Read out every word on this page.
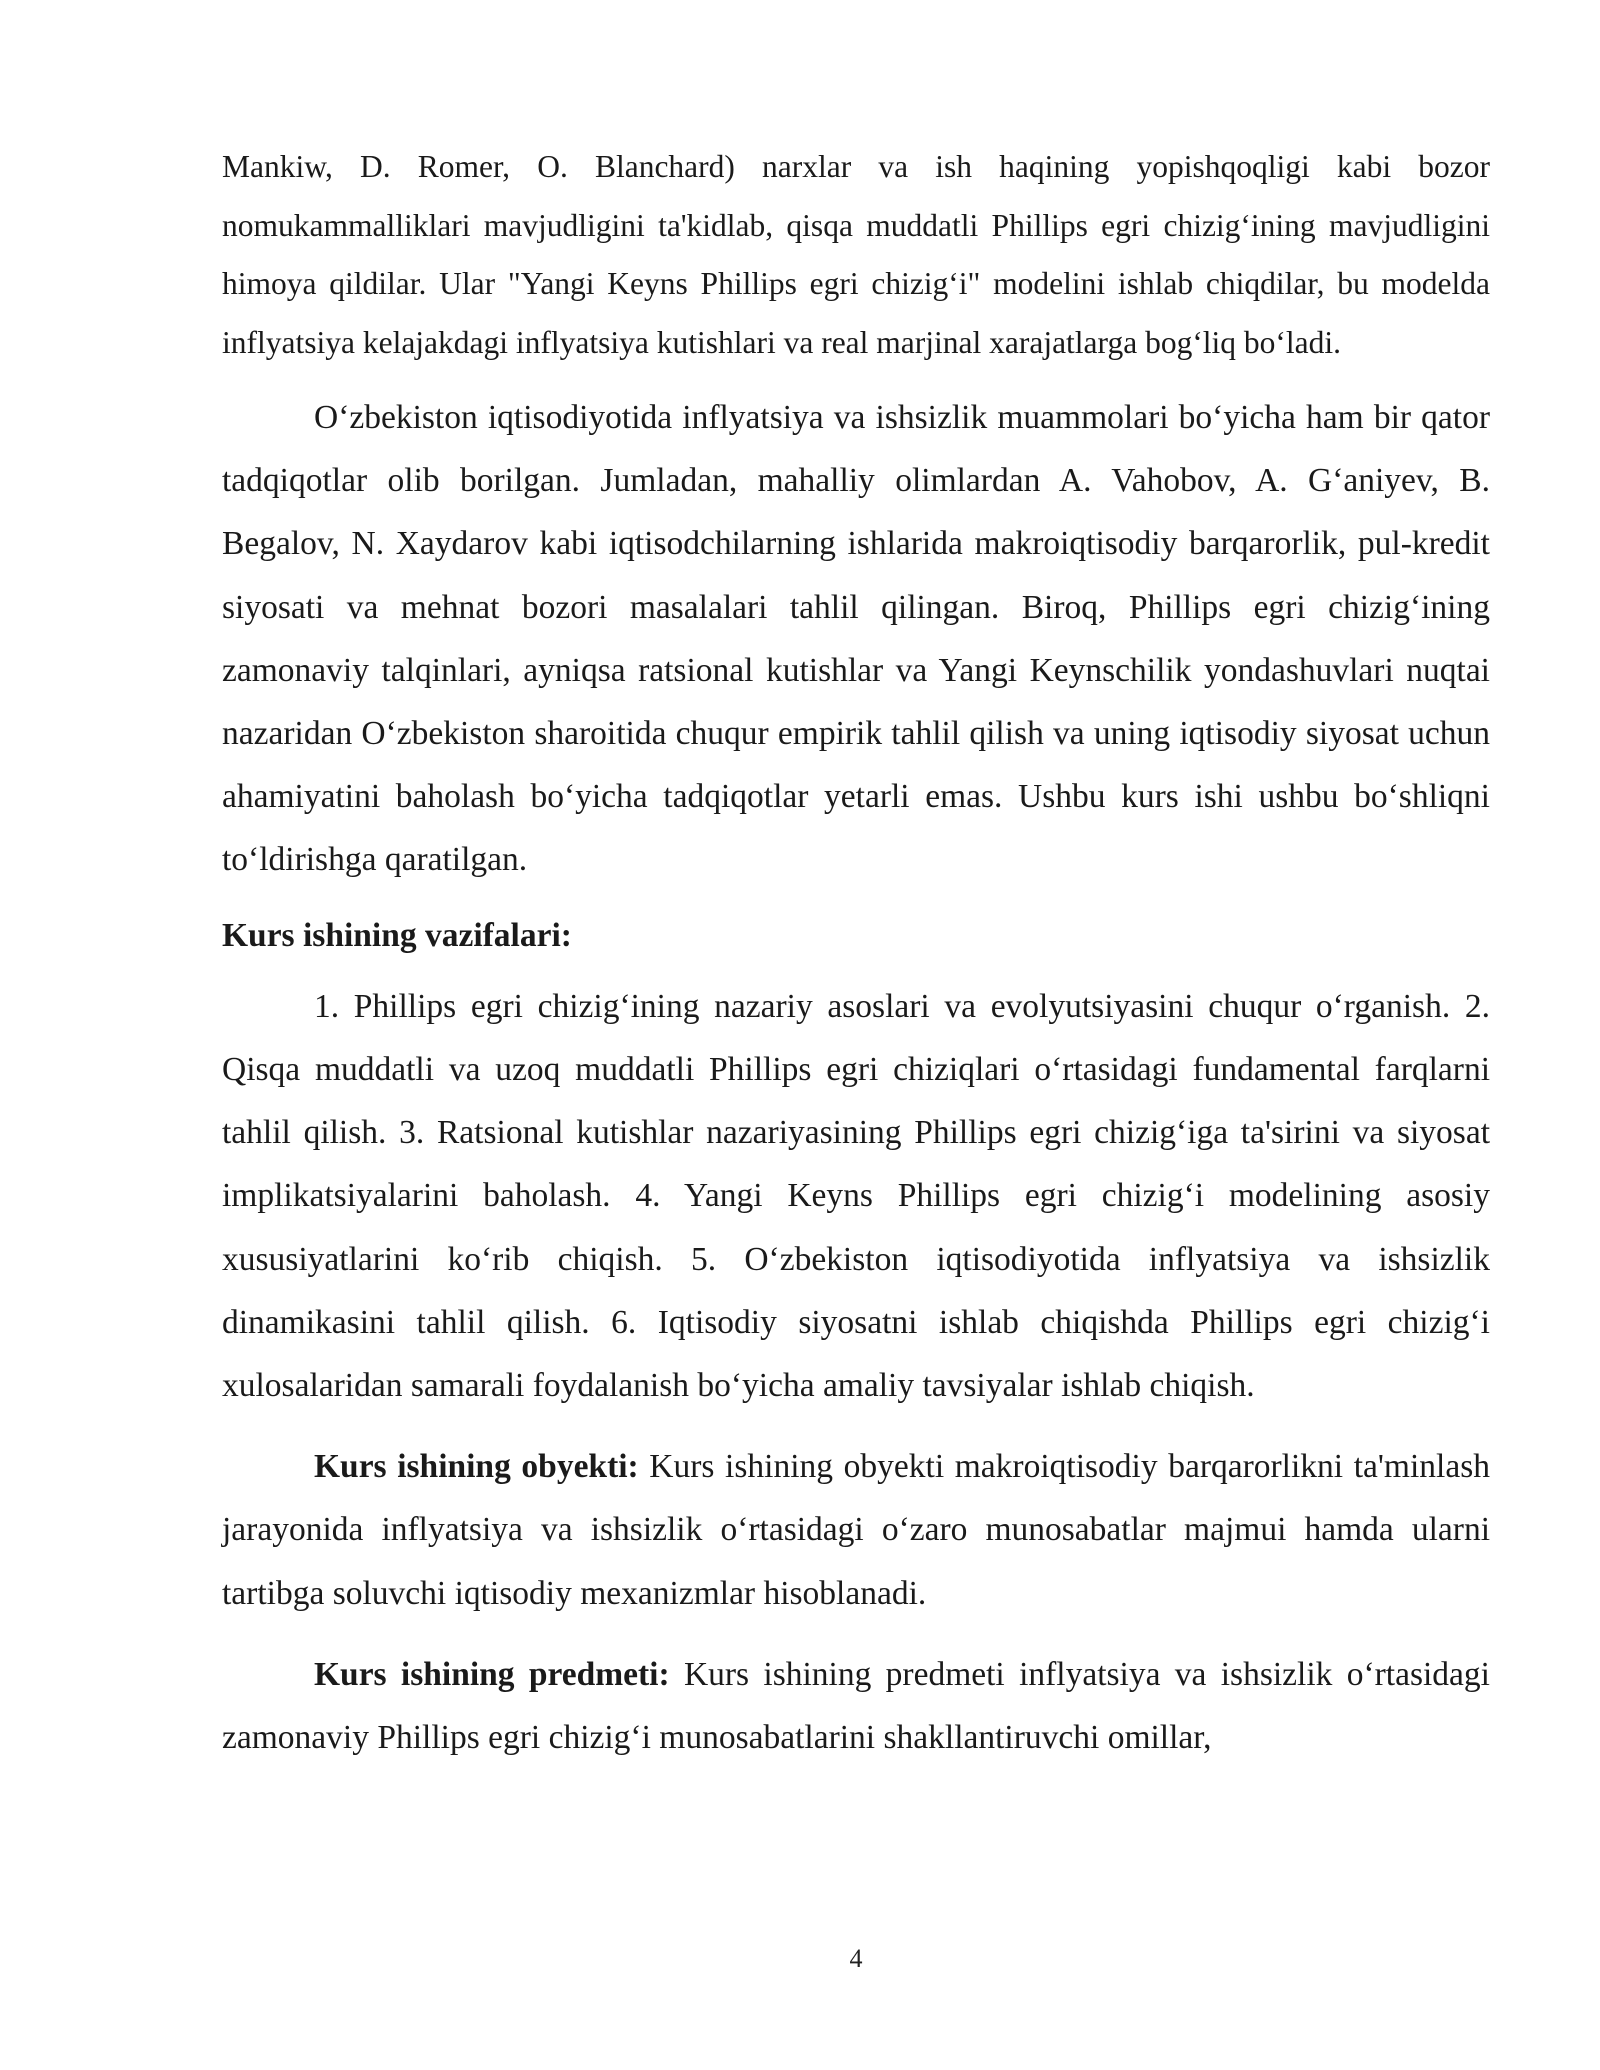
Mankiw, D. Romer, O. Blanchard) narxlar va ish haqining yopishqoqligi kabi bozor nomukammalliklari mavjudligini ta'kidlab, qisqa muddatli Phillips egri chizig‘ining mavjudligini himoya qildilar. Ular "Yangi Keyns Phillips egri chizig‘i" modelini ishlab chiqdilar, bu modelda inflyatsiya kelajakdagi inflyatsiya kutishlari va real marjinal xarajatlarga bog‘liq bo‘ladi.

O‘zbekiston iqtisodiyotida inflyatsiya va ishsizlik muammolari bo‘yicha ham bir qator tadqiqotlar olib borilgan. Jumladan, mahalliy olimlardan A. Vahobov, A. G‘aniyev, B. Begalov, N. Xaydarov kabi iqtisodchilarning ishlarida makroiqtisodiy barqarorlik, pul-kredit siyosati va mehnat bozori masalalari tahlil qilingan. Biroq, Phillips egri chizig‘ining zamonaviy talqinlari, ayniqsa ratsional kutishlar va Yangi Keynschilik yondashuvlari nuqtai nazaridan O‘zbekiston sharoitida chuqur empirik tahlil qilish va uning iqtisodiy siyosat uchun ahamiyatini baholash bo‘yicha tadqiqotlar yetarli emas. Ushbu kurs ishi ushbu bo‘shliqni to‘ldirishga qaratilgan.

Kurs ishining vazifalari:

1. Phillips egri chizig‘ining nazariy asoslari va evolyutsiyasini chuqur o‘rganish. 2. Qisqa muddatli va uzoq muddatli Phillips egri chiziqlari o‘rtasidagi fundamental farqlarni tahlil qilish. 3. Ratsional kutishlar nazariyasining Phillips egri chizig‘iga ta'sirini va siyosat implikatsiyalarini baholash. 4. Yangi Keyns Phillips egri chizig‘i modelining asosiy xususiyatlarini ko‘rib chiqish. 5. O‘zbekiston iqtisodiyotida inflyatsiya va ishsizlik dinamikasini tahlil qilish. 6. Iqtisodiy siyosatni ishlab chiqishda Phillips egri chizig‘i xulosalaridan samarali foydalanish bo‘yicha amaliy tavsiyalar ishlab chiqish.

Kurs ishining obyekti: Kurs ishining obyekti makroiqtisodiy barqarorlikni ta'minlash jarayonida inflyatsiya va ishsizlik o‘rtasidagi o‘zaro munosabatlar majmui hamda ularni tartibga soluvchi iqtisodiy mexanizmlar hisoblanadi.

Kurs ishining predmeti: Kurs ishining predmeti inflyatsiya va ishsizlik o‘rtasidagi zamonaviy Phillips egri chizig‘i munosabatlarini shakllantiruvchi omillar,

4
